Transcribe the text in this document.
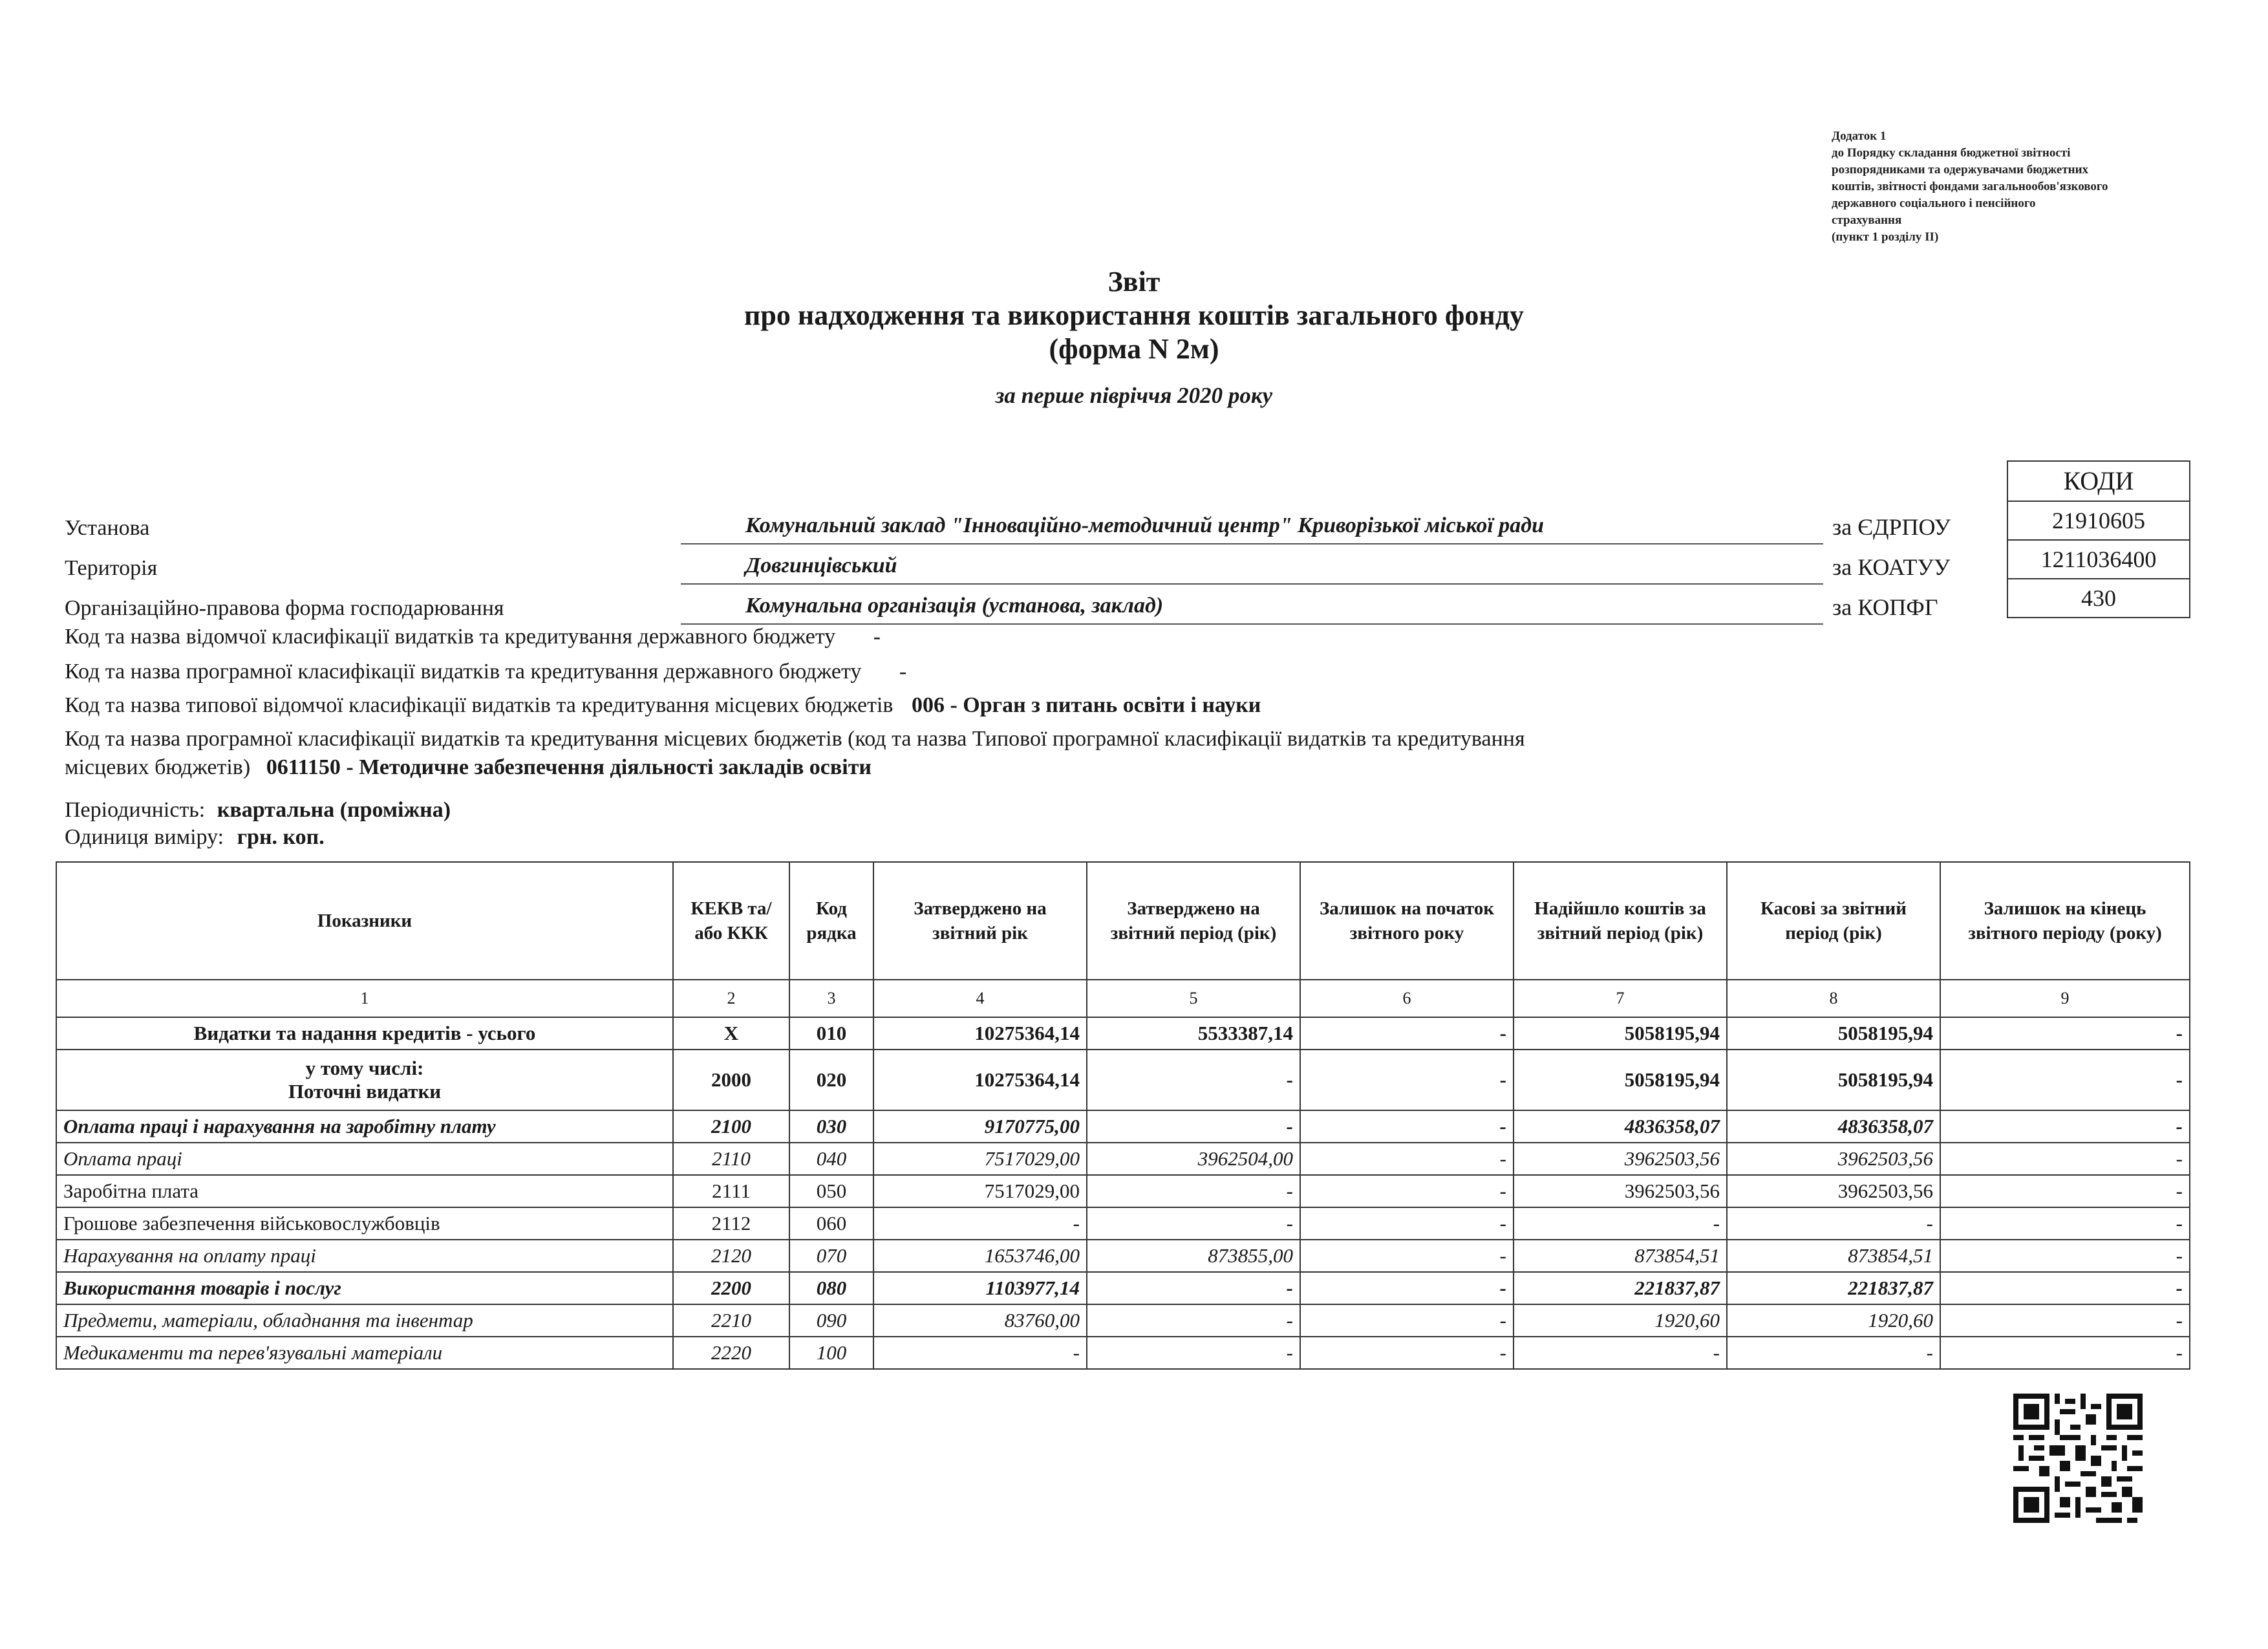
Додаток 1
до Порядку складання бюджетної звітності
розпорядниками та одержувачами бюджетних
коштів, звітності фондами загальнообов'язкового
державного соціального і пенсійного
страхування
(пункт 1 розділу ІІ)
Звіт
про надходження та використання коштів загального фонду
(форма N 2м)
за перше півріччя 2020 року
КОДИ
21910605
1211036400
430
Установа	Комунальний заклад "Інноваційно-методичний центр" Криворізької міської ради	за ЄДРПОУ
Територія	Довгинцівський	за КОАТУУ
Організаційно-правова форма господарювання	Комунальна організація (установа, заклад)	за КОПФГ
Код та назва відомчої класифікації видатків та кредитування державного бюджету -
Код та назва програмної класифікації видатків та кредитування державного бюджету -
Код та назва типової відомчої класифікації видатків та кредитування місцевих бюджетів 006 - Орган з питань освіти і науки
Код та назва програмної класифікації видатків та кредитування місцевих бюджетів (код та назва Типової програмної класифікації видатків та кредитування
місцевих бюджетів) 0611150 - Методичне забезпечення діяльності закладів освіти
Періодичність: квартальна (проміжна)
Одиниця виміру: грн. коп.
Показники	КЕКВ та/або ККК	Код рядка	Затверджено на звітний рік	Затверджено на звітний період (рік)	Залишок на початок звітного року	Надійшло коштів за звітний період (рік)	Касові за звітний період (рік)	Залишок на кінець звітного періоду (року)
1	2	3	4	5	6	7	8	9
Видатки та надання кредитів - усього	X	010	10275364,14	5533387,14	-	5058195,94	5058195,94	-

у тому числі:
Поточні видатки	2000	020	10275364,14	-	-	5058195,94	5058195,94	-
Оплата праці і нарахування на заробітну плату	2100	030	9170775,00	-	-	4836358,07	4836358,07	-
Оплата праці	2110	040	7517029,00	3962504,00	-	3962503,56	3962503,56	-
Заробітна плата	2111	050	7517029,00	-	-	3962503,56	3962503,56	-
Грошове забезпечення військовослужбовців	2112	060	-	-	-	-	-	-
Нарахування на оплату праці	2120	070	1653746,00	873855,00	-	873854,51	873854,51	-
Використання товарів і послуг	2200	080	1103977,14	-	-	221837,87	221837,87	-
Предмети, матеріали, обладнання та інвентар	2210	090	83760,00	-	-	1920,60	1920,60	-
Медикаменти та перев'язувальні матеріали	2220	100	-	-	-	-	-	-
